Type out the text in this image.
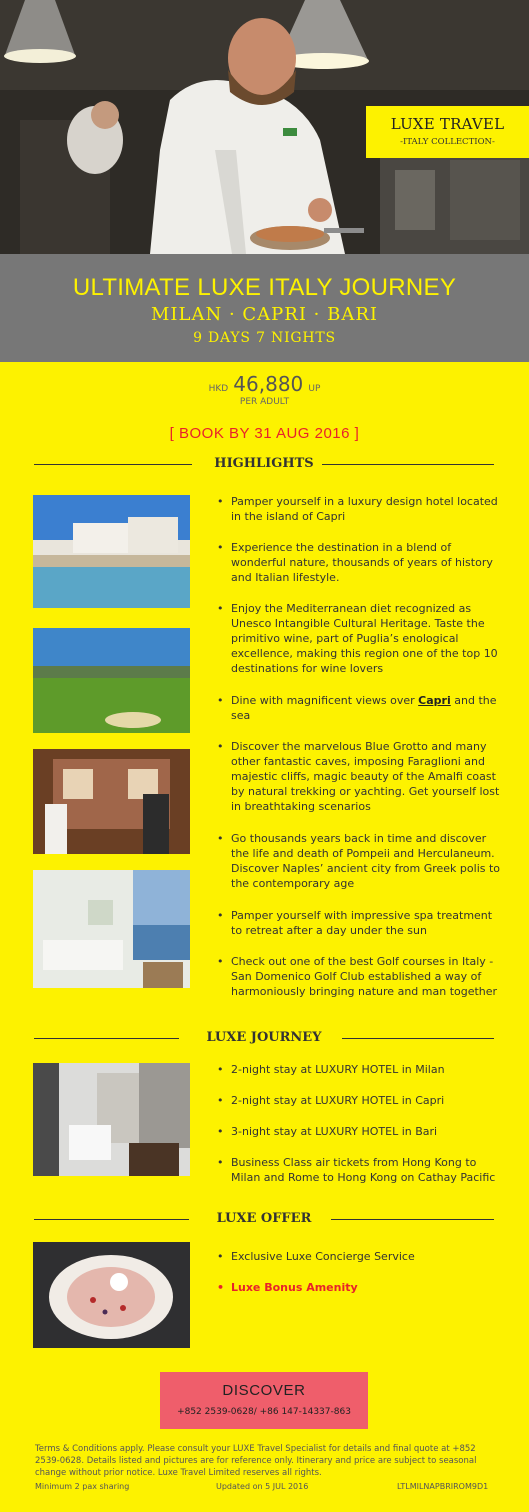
LUXE TRAVEL
-ITALY COLLECTION-
ULTIMATE LUXE ITALY JOURNEY
MILAN · CAPRI · BARI
9 DAYS 7 NIGHTS
HKD 46,880 UP
PER ADULT
[ BOOK BY 31 AUG 2016 ]
HIGHLIGHTS
• Pamper yourself in a luxury design hotel located in the island of Capri
• Experience the destination in a blend of wonderful nature, thousands of years of history and Italian lifestyle.
• Enjoy the Mediterranean diet recognized as Unesco Intangible Cultural Heritage. Taste the primitivo wine, part of Puglia’s enological excellence, making this region one of the top 10 destinations for wine lovers
• Dine with magnificent views over Capri and the sea
• Discover the marvelous Blue Grotto and many other fantastic caves, imposing Faraglioni and majestic cliffs, magic beauty of the Amalfi coast by natural trekking or yachting. Get yourself lost in breathtaking scenarios
• Go thousands years back in time and discover the life and death of Pompeii and Herculaneum. Discover Naples’ ancient city from Greek polis to the contemporary age
• Pamper yourself with impressive spa treatment to retreat after a day under the sun
• Check out one of the best Golf courses in Italy -San Domenico Golf Club established a way of harmoniously bringing nature and man together
LUXE JOURNEY
• 2-night stay at LUXURY HOTEL in Milan
• 2-night stay at LUXURY HOTEL in Capri
• 3-night stay at LUXURY HOTEL in Bari
• Business Class air tickets from Hong Kong to Milan and Rome to Hong Kong on Cathay Pacific
LUXE OFFER
• Exclusive Luxe Concierge Service
• Luxe Bonus Amenity
DISCOVER
+852 2539-0628/ +86 147-14337-863
Terms & Conditions apply. Please consult your LUXE Travel Specialist for details and final quote at +852 2539-0628. Details listed and pictures are for reference only. Itinerary and price are subject to seasonal change without prior notice. Luxe Travel Limited reserves all rights.
Minimum 2 pax sharing	Updated on 5 JUL 2016	LTLMILNAPBRIROM9D1
